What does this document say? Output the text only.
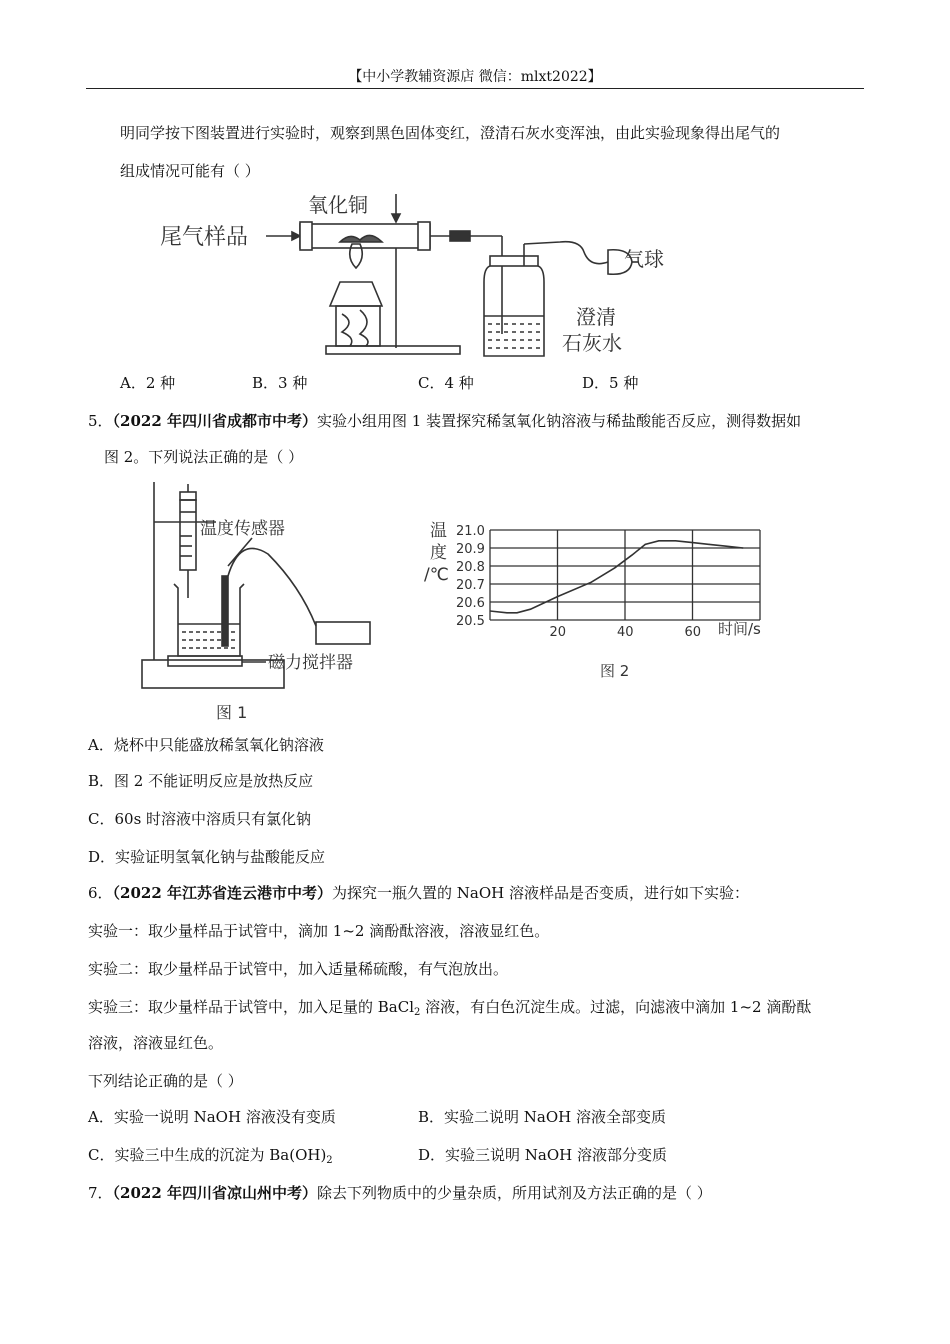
【中小学教辅资源店 微信：mlxt2022】
明同学按下图装置进行实验时，观察到黑色固体变红，澄清石灰水变浑浊，由此实验现象得出尾气的
组成情况可能有（ ）
尾气样品
氧化铜
气球
澄清
石灰水
A．2 种	B．3 种	C．4 种	D．5 种
5．（2022 年四川省成都市中考）实验小组用图 1 装置探究稀氢氧化钠溶液与稀盐酸能否反应，测得数据如
图 2。下列说法正确的是（ ）
温度传感器
磁力搅拌器
图 1
温
度
/℃
21.0
20.9
20.8
20.7
20.6
20.5
20	40	60 时间/s
图 2
A．烧杯中只能盛放稀氢氧化钠溶液
B．图 2 不能证明反应是放热反应
C．60s 时溶液中溶质只有氯化钠
D．实验证明氢氧化钠与盐酸能反应
6．（2022 年江苏省连云港市中考）为探究一瓶久置的 NaOH 溶液样品是否变质，进行如下实验：
实验一：取少量样品于试管中，滴加 1~2 滴酚酞溶液，溶液显红色。
实验二：取少量样品于试管中，加入适量稀硫酸，有气泡放出。
实验三：取少量样品于试管中，加入足量的 BaCl$_2$ 溶液，有白色沉淀生成。过滤，向滤液中滴加 1~2 滴酚酞
溶液，溶液显红色。
下列结论正确的是（ ）
A．实验一说明 NaOH 溶液没有变质	B．实验二说明 NaOH 溶液全部变质
C．实验三中生成的沉淀为 $Ba(OH)_2$	D．实验三说明 NaOH 溶液部分变质
7．（2022 年四川省凉山州中考）除去下列物质中的少量杂质，所用试剂及方法正确的是（ ）
